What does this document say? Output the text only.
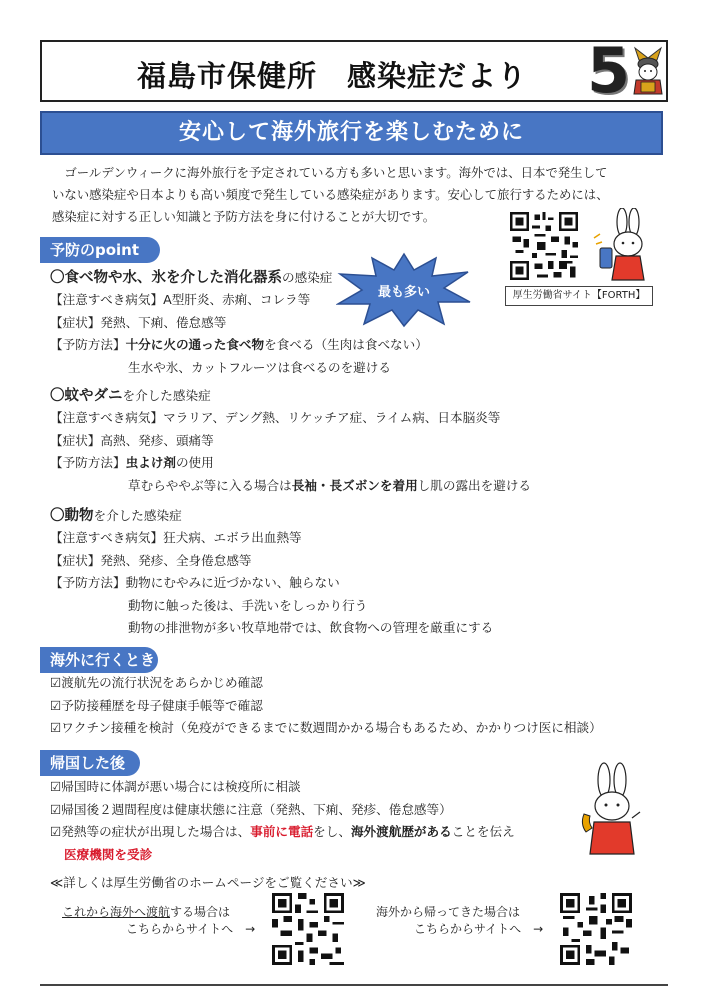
福島市保健所　感染症だより 5
安心して海外旅行を楽しむために
　ゴールデンウィークに海外旅行を予定されている方も多いと思います。海外では、日本で発生して
いない感染症や日本よりも高い頻度で発生している感染症があります。安心して旅行するためには、
感染症に対する正しい知識と予防方法を身に付けることが大切です。
厚生労働省サイト【FORTH】
予防のpoint
最も多い
〇食べ物や水、氷を介した消化器系の感染症
【注意すべき病気】A型肝炎、赤痢、コレラ等
【症状】発熱、下痢、倦怠感等
【予防方法】十分に火の通った食べ物を食べる（生肉は食べない）
生水や氷、カットフルーツは食べるのを避ける
〇蚊やダニを介した感染症
【注意すべき病気】マラリア、デング熱、リケッチア症、ライム病、日本脳炎等
【症状】高熱、発疹、頭痛等
【予防方法】虫よけ剤の使用
草むらややぶ等に入る場合は長袖・長ズボンを着用し肌の露出を避ける
〇動物を介した感染症
【注意すべき病気】狂犬病、エボラ出血熱等
【症状】発熱、発疹、全身倦怠感等
【予防方法】動物にむやみに近づかない、触らない
動物に触った後は、手洗いをしっかり行う
動物の排泄物が多い牧草地帯では、飲食物への管理を厳重にする
海外に行くとき
☑渡航先の流行状況をあらかじめ確認
☑予防接種歴を母子健康手帳等で確認
☑ワクチン接種を検討（免疫ができるまでに数週間かかる場合もあるため、かかりつけ医に相談）
帰国した後
☑帰国時に体調が悪い場合には検疫所に相談
☑帰国後２週間程度は健康状態に注意（発熱、下痢、発疹、倦怠感等）
☑発熱等の症状が出現した場合は、事前に電話をし、海外渡航歴があることを伝え
医療機関を受診
≪詳しくは厚生労働省のホームページをご覧ください≫
これから海外へ渡航する場合は
こちらからサイトへ　→
海外から帰ってきた場合は
こちらからサイトへ　→
